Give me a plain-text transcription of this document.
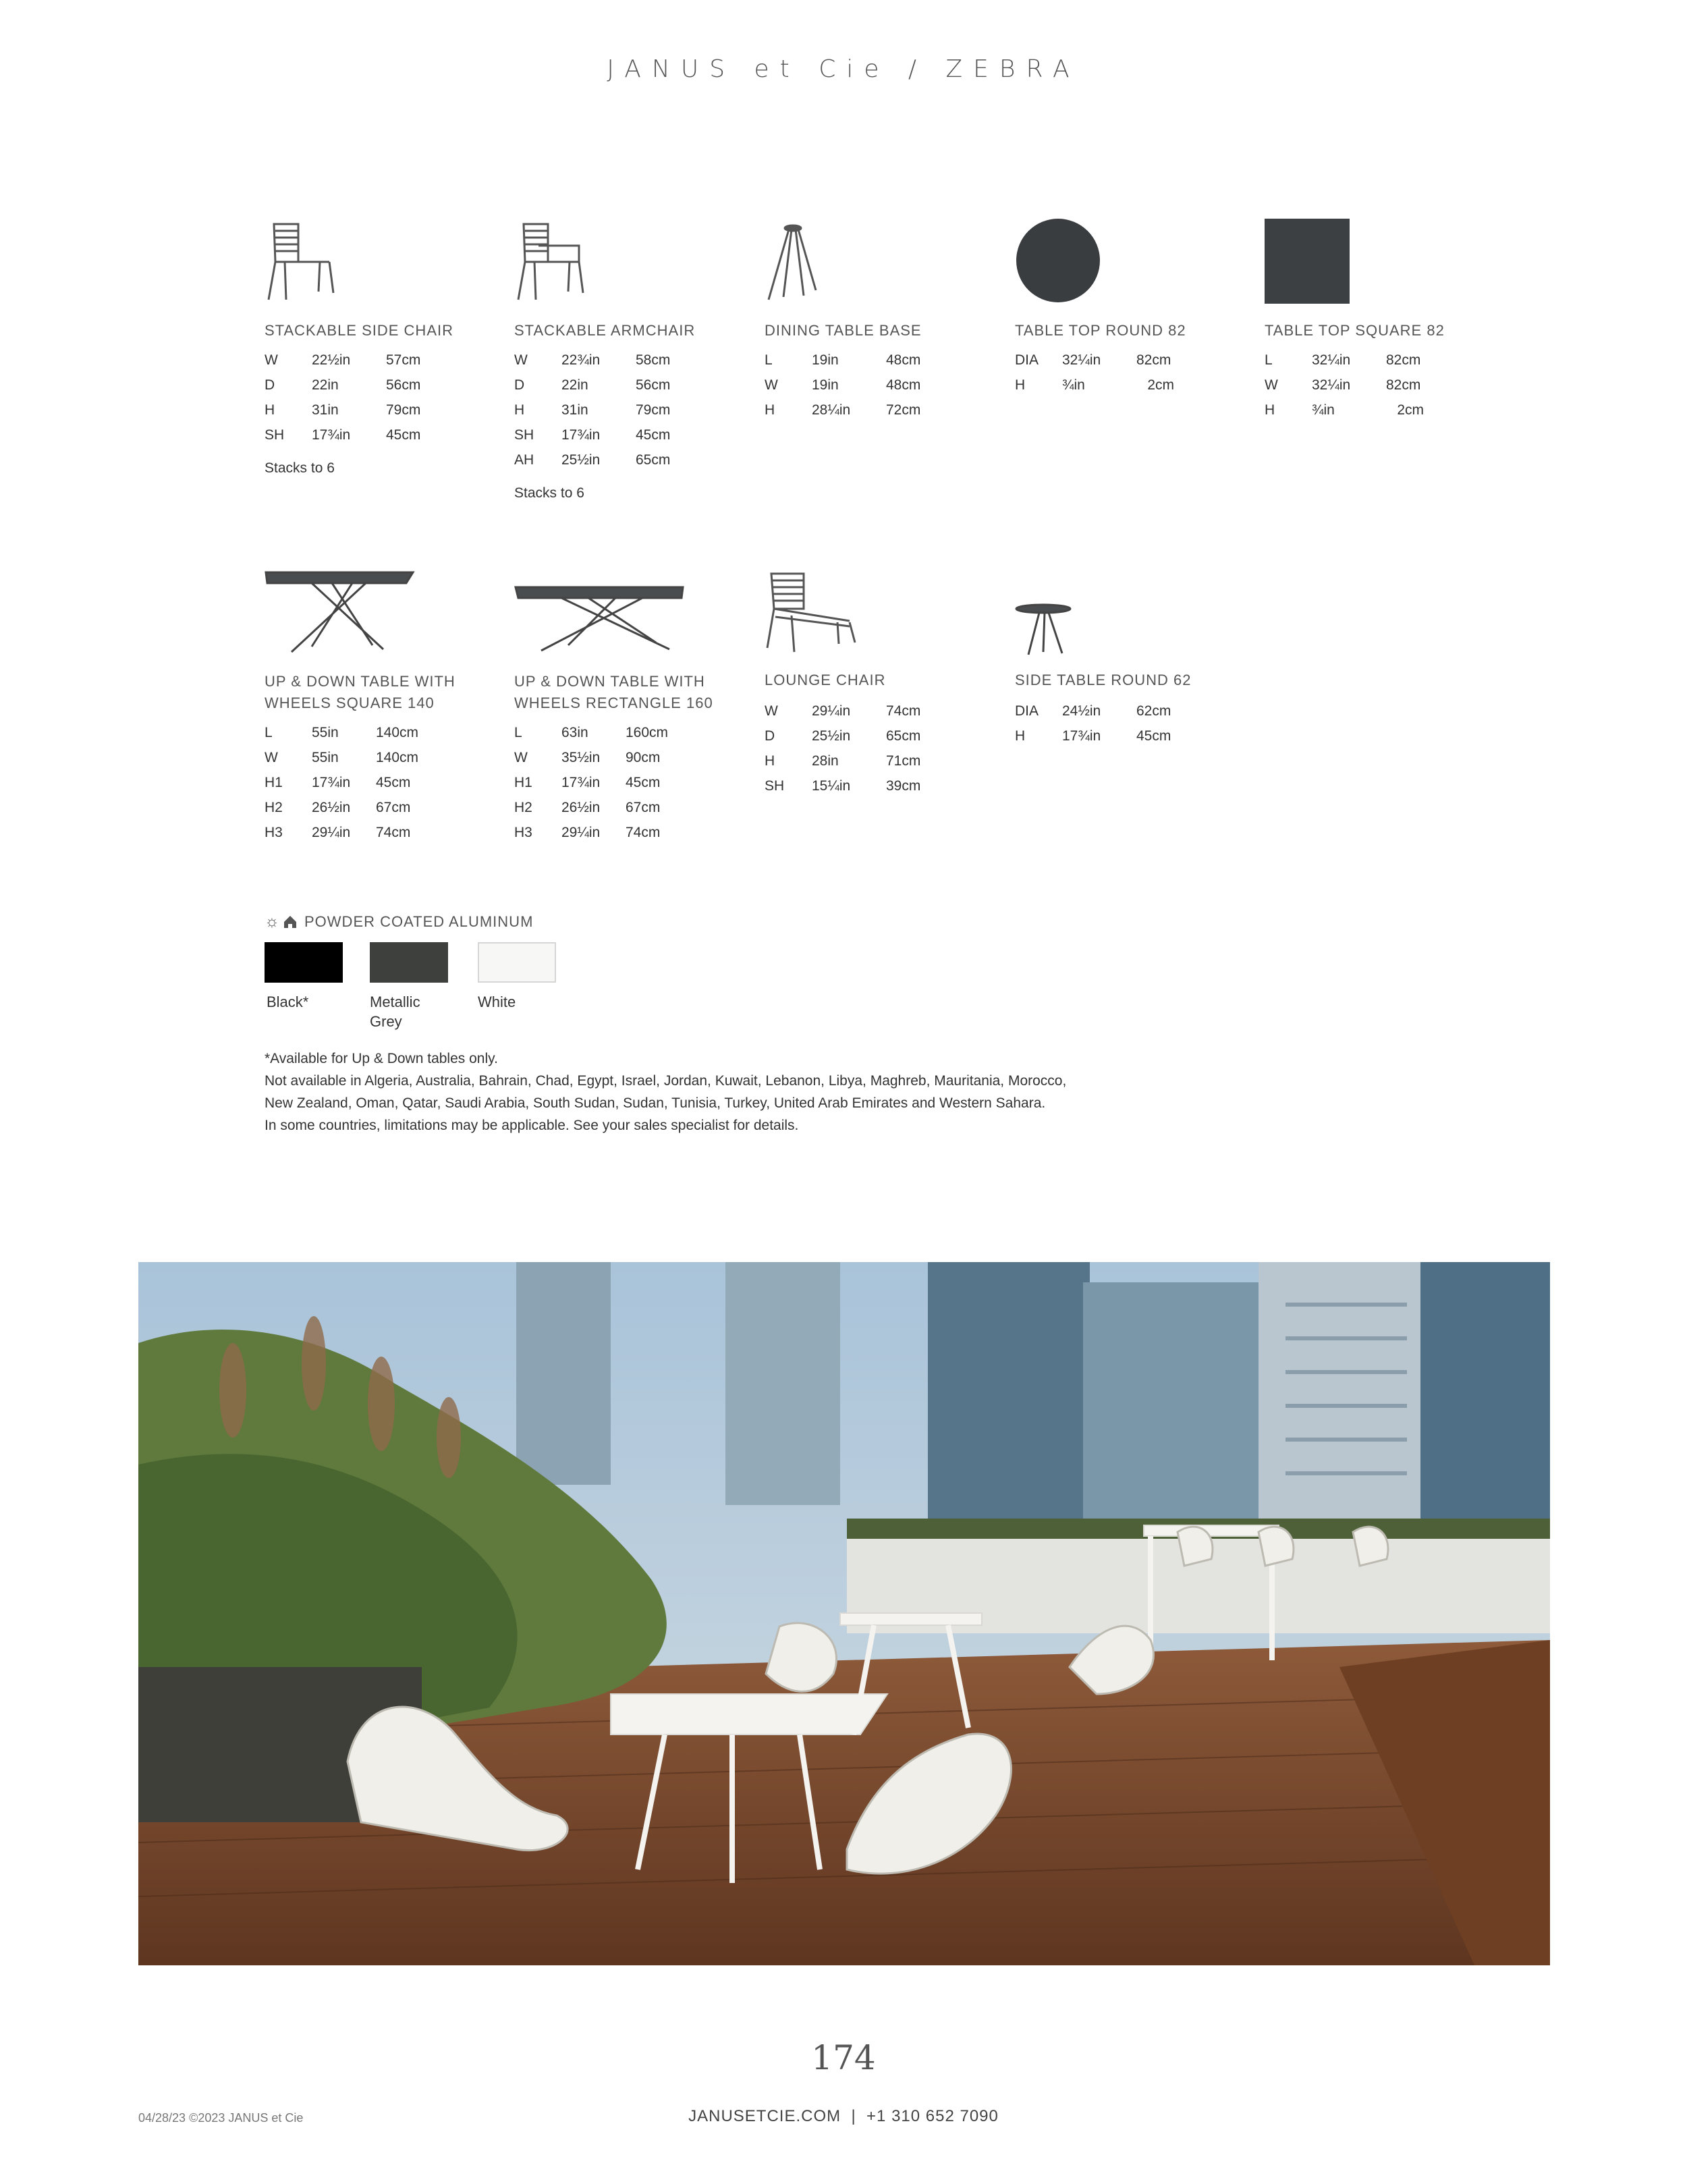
JANUS et Cie / ZEBRA
STACKABLE SIDE CHAIR
W	22½in	57cm
D	22in	56cm
H	31in	79cm
SH	17¾in	45cm
Stacks to 6
STACKABLE ARMCHAIR
W	22¾in	58cm
D	22in	56cm
H	31in	79cm
SH	17¾in	45cm
AH	25½in	65cm
Stacks to 6
DINING TABLE BASE
L	19in	48cm
W	19in	48cm
H	28¼in	72cm
TABLE TOP ROUND 82
DIA	32¼in	82cm
H	¾in	2cm
TABLE TOP SQUARE 82
L	32¼in	82cm
W	32¼in	82cm
H	¾in	2cm
UP & DOWN TABLE WITH WHEELS SQUARE 140
L	55in	140cm
W	55in	140cm
H1	17¾in	45cm
H2	26½in	67cm
H3	29¼in	74cm
UP & DOWN TABLE WITH WHEELS RECTANGLE 160
L	63in	160cm
W	35½in	90cm
H1	17¾in	45cm
H2	26½in	67cm
H3	29¼in	74cm
LOUNGE CHAIR
W	29¼in	74cm
D	25½in	65cm
H	28in	71cm
SH	15¼in	39cm
SIDE TABLE ROUND 62
DIA	24½in	62cm
H	17¾in	45cm
☼ POWDER COATED ALUMINUM
Black*	Metallic Grey
White
*Available for Up & Down tables only.
Not available in Algeria, Australia, Bahrain, Chad, Egypt, Israel, Jordan, Kuwait, Lebanon, Libya, Maghreb, Mauritania, Morocco,
New Zealand, Oman, Qatar, Saudi Arabia, South Sudan, Sudan, Tunisia, Turkey, United Arab Emirates and Western Sahara.
In some countries, limitations may be applicable. See your sales specialist for details.
174
04/28/23 ©2023 JANUS et Cie	JANUSETCIE.COM  |  +1 310 652 7090
